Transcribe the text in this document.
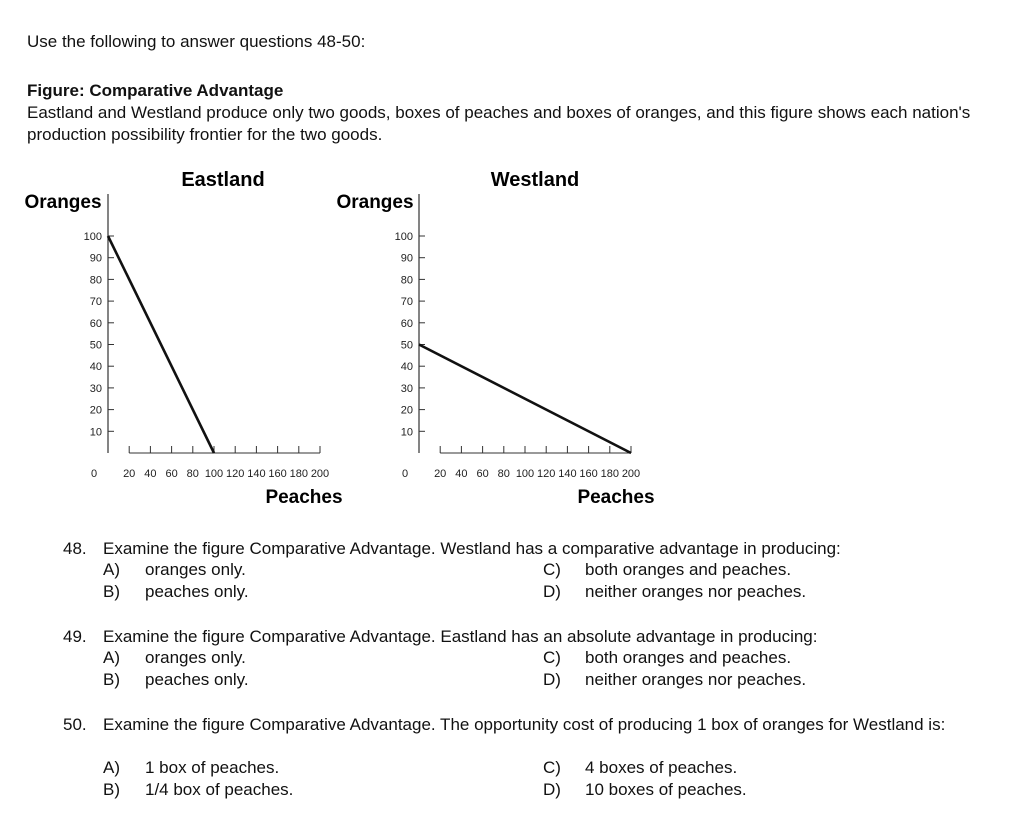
Use the following to answer questions 48-50:
Figure: Comparative Advantage
Eastland and Westland produce only two goods, boxes of peaches and boxes of oranges, and this figure shows each nation's production possibility frontier for the two goods.
Eastland
Oranges
Peaches
10
20
30
40
50
60
70
80
90
100
0 20 40 60 80 100 120 140 160 180 200
Westland
Oranges
Peaches
10
20
30
40
50
60
70
80
90
100
0 20 40 60 80 100 120 140 160 180 200
48. Examine the figure Comparative Advantage. Westland has a comparative advantage in producing:
A) oranges only.
B) peaches only.
C) both oranges and peaches.
D) neither oranges nor peaches.
49. Examine the figure Comparative Advantage. Eastland has an absolute advantage in producing:
A) oranges only.
B) peaches only.
C) both oranges and peaches.
D) neither oranges nor peaches.
50. Examine the figure Comparative Advantage. The opportunity cost of producing 1 box of oranges for Westland is:
A) 1 box of peaches.
B) 1/4 box of peaches.
C) 4 boxes of peaches.
D) 10 boxes of peaches.
